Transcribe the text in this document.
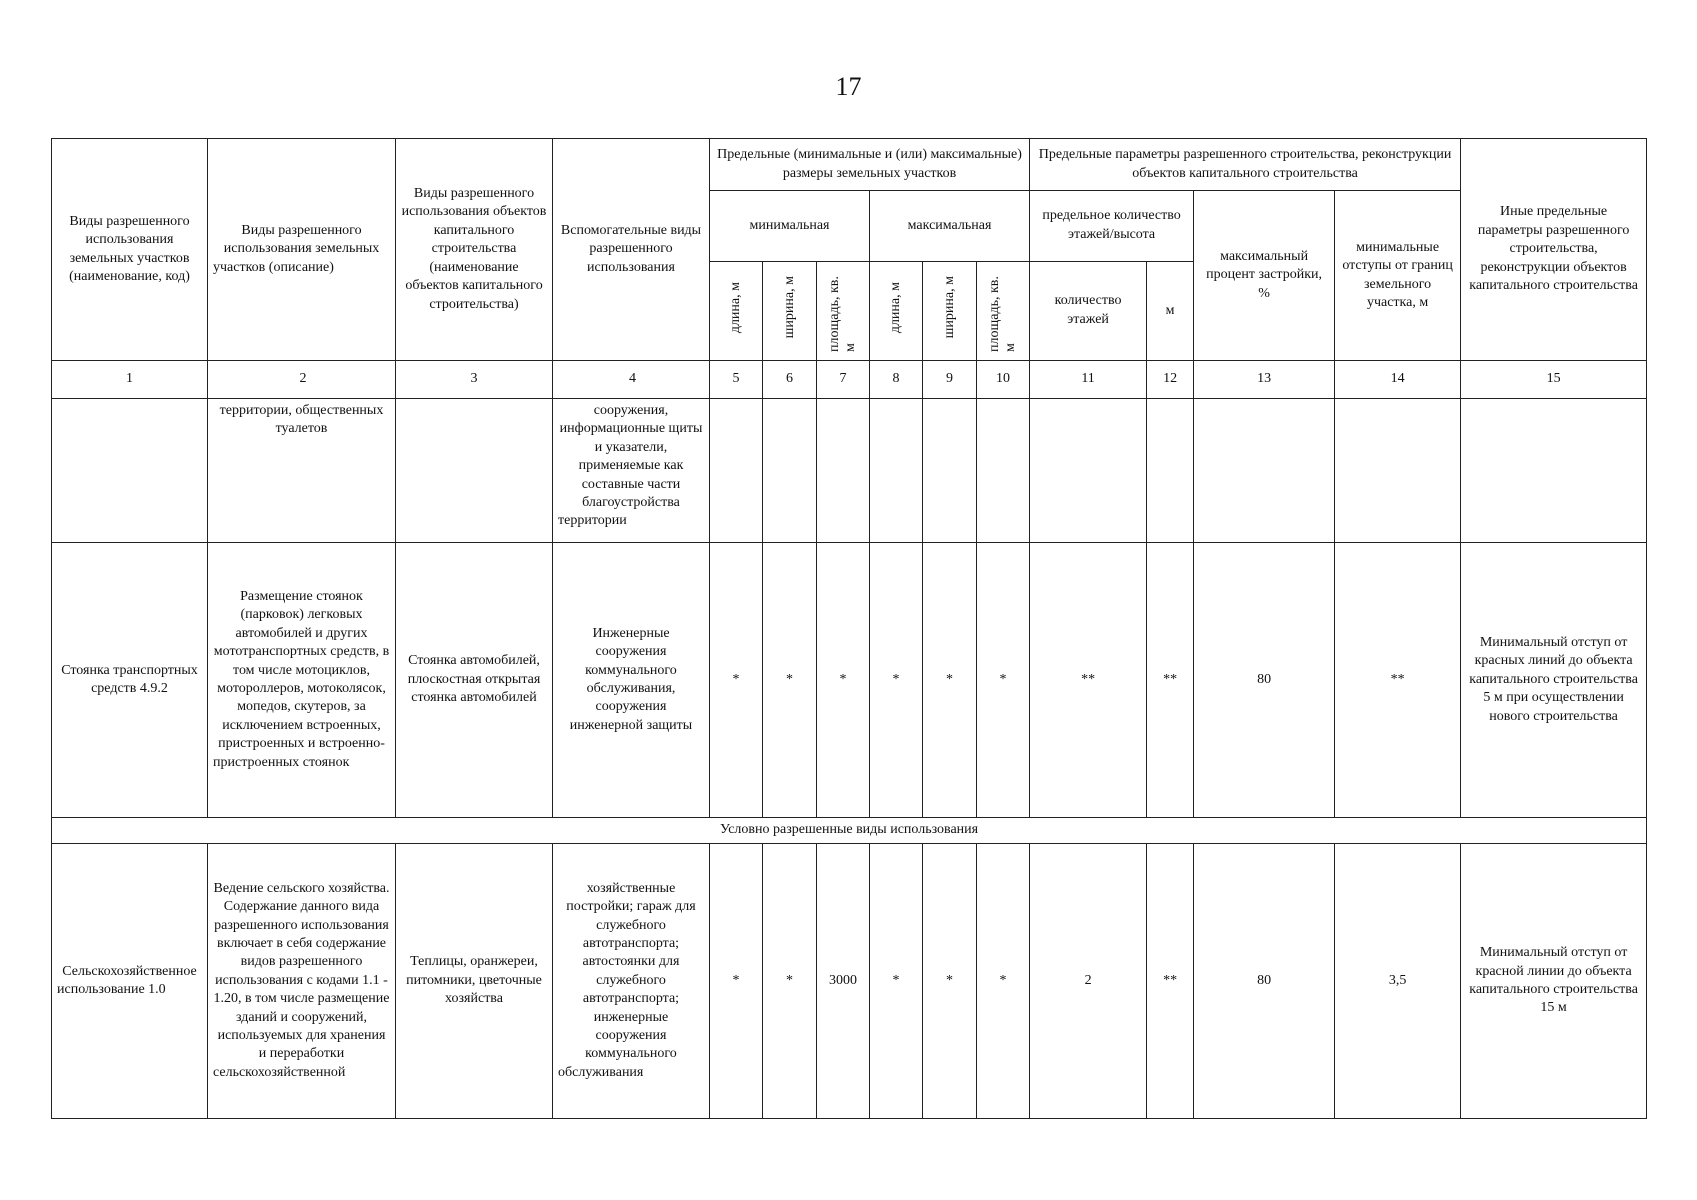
17
Виды разрешенного использования земельных участков (наименование, код)	Виды разрешенного использования земельных участков (описание)	Виды разрешенного использования объектов капитального строительства (наименование объектов капитального строительства)	Вспомогательные виды разрешенного использования	Предельные (минимальные и (или) максимальные) размеры земельных участков						Предельные параметры разрешенного строительства, реконструкции объектов капитального строительства				Иные предельные параметры разрешенного строительства, реконструкции объектов капитального строительства
				минимальная			максимальная			предельное количество этажей/высота		максимальный процент застройки, %	минимальные отступы от границ земельного участка, м	
				длина, м	ширина, м	площадь, кв. м	длина, м	ширина, м	площадь, кв. м	количество этажей	м			
1	2	3	4	5	6	7	8	9	10	11	12	13	14	15
	территории, общественных туалетов		сооружения, информационные щиты и указатели, применяемые как составные части благоустройства территории											
Стоянка транспортных средств 4.9.2	Размещение стоянок (парковок) легковых автомобилей и других мототранспортных средств, в том числе мотоциклов, мотороллеров, мотоколясок, мопедов, скутеров, за исключением встроенных, пристроенных и встроенно-пристроенных стоянок	Стоянка автомобилей, плоскостная открытая стоянка автомобилей	Инженерные сооружения коммунального обслуживания, сооружения инженерной защиты	*	*	*	*	*	*	**	**	80	**	Минимальный отступ от красных линий до объекта капитального строительства 5 м при осуществлении нового строительства
Условно разрешенные виды использования														
Сельскохозяйственное использование 1.0	Ведение сельского хозяйства. Содержание данного вида разрешенного использования включает в себя содержание видов разрешенного использования с кодами 1.1 - 1.20, в том числе размещение зданий и сооружений, используемых для хранения и переработки сельскохозяйственной	Теплицы, оранжереи, питомники, цветочные хозяйства	хозяйственные постройки; гараж для служебного автотранспорта; автостоянки для служебного автотранспорта; инженерные сооружения коммунального обслуживания	*	*	3000	*	*	*	2	**	80	3,5	Минимальный отступ от красной линии до объекта капитального строительства 15 м
